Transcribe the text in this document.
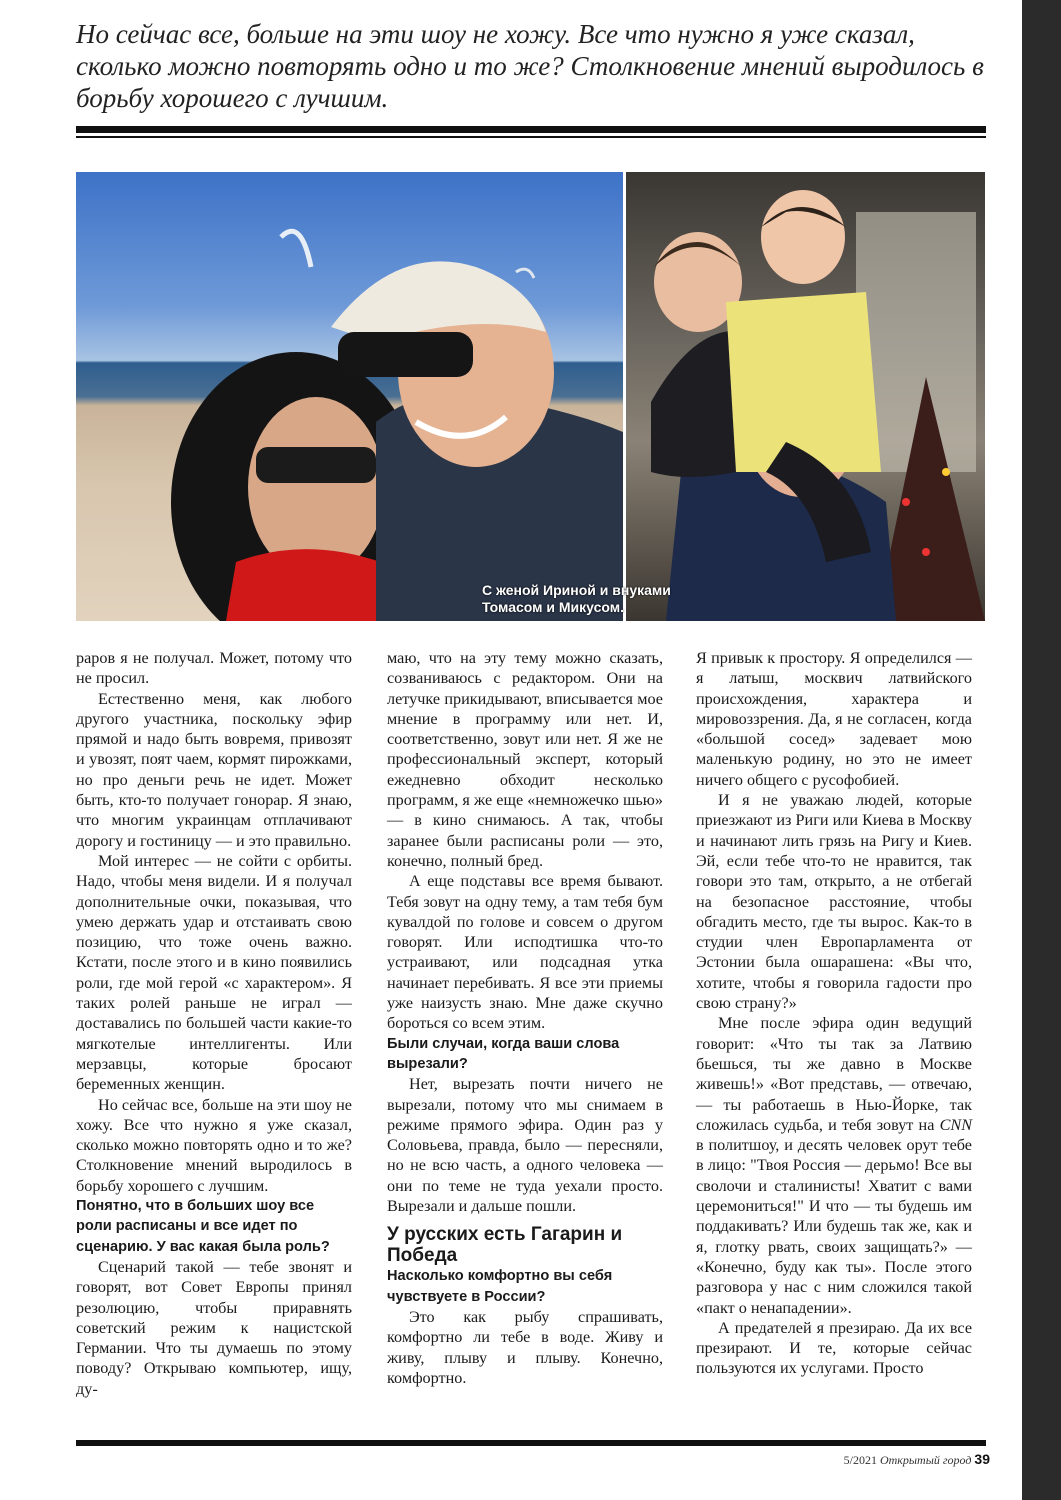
Но сейчас все, больше на эти шоу не хожу. Все что нужно я уже сказал, сколько можно повторять одно и то же? Столкновение мнений выродилось в борьбу хорошего с лучшим.

С женой Ириной и внуками
Томасом и Микусом.

раров я не получал. Может, потому что не просил.

Естественно меня, как любого другого участника, поскольку эфир прямой и надо быть вовремя, привозят и увозят, поят чаем, кормят пирожками, но про деньги речь не идет. Может быть, кто-то получает гонорар. Я знаю, что многим украинцам отплачивают дорогу и гостиницу — и это правильно.

Мой интерес — не сойти с орбиты. Надо, чтобы меня видели. И я получал дополнительные очки, показывая, что умею держать удар и отстаивать свою позицию, что тоже очень важно. Кстати, после этого и в кино появились роли, где мой герой «с характером». Я таких ролей раньше не играл — доставались по большей части какие-то мягкотелые интеллигенты. Или мерзавцы, которые бросают беременных женщин.

Но сейчас все, больше на эти шоу не хожу. Все что нужно я уже сказал, сколько можно повторять одно и то же? Столкновение мнений выродилось в борьбу хорошего с лучшим.

Понятно, что в больших шоу все роли расписаны и все идет по сценарию. У вас какая была роль?

Сценарий такой — тебе звонят и говорят, вот Совет Европы принял резолюцию, чтобы приравнять советский режим к нацистской Германии. Что ты думаешь по этому поводу? Открываю компьютер, ищу, ду-

маю, что на эту тему можно сказать, созваниваюсь с редактором. Они на летучке прикидывают, вписывается мое мнение в программу или нет. И, соответственно, зовут или нет. Я же не профессиональный эксперт, который ежедневно обходит несколько программ, я же еще «немножечко шью» — в кино снимаюсь. А так, чтобы заранее были расписаны роли — это, конечно, полный бред.

А еще подставы все время бывают. Тебя зовут на одну тему, а там тебя бум кувалдой по голове и совсем о другом говорят. Или исподтишка что-то устраивают, или подсадная утка начинает перебивать. Я все эти приемы уже наизусть знаю. Мне даже скучно бороться со всем этим.

Были случаи, когда ваши слова вырезали?

Нет, вырезать почти ничего не вырезали, потому что мы снимаем в режиме прямого эфира. Один раз у Соловьева, правда, было — пересняли, но не всю часть, а одного человека — они по теме не туда уехали просто. Вырезали и дальше пошли.

У русских есть Гагарин и Победа

Насколько комфортно вы себя чувствуете в России?

Это как рыбу спрашивать, комфортно ли тебе в воде. Живу и живу, плыву и плыву. Конечно, комфортно.

Я привык к простору. Я определился — я латыш, москвич латвийского происхождения, характера и мировоззрения. Да, я не согласен, когда «большой сосед» задевает мою маленькую родину, но это не имеет ничего общего с русофобией.

И я не уважаю людей, которые приезжают из Риги или Киева в Москву и начинают лить грязь на Ригу и Киев. Эй, если тебе что-то не нравится, так говори это там, открыто, а не отбегай на безопасное расстояние, чтобы обгадить место, где ты вырос. Как-то в студии член Европарламента от Эстонии была ошарашена: «Вы что, хотите, чтобы я говорила гадости про свою страну?»

Мне после эфира один ведущий говорит: «Что ты так за Латвию бьешься, ты же давно в Москве живешь!» «Вот представь, — отвечаю, — ты работаешь в Нью-Йорке, так сложилась судьба, и тебя зовут на CNN в политшоу, и десять человек орут тебе в лицо: "Твоя Россия — дерьмо! Все вы сволочи и сталинисты! Хватит с вами церемониться!" И что — ты будешь им поддакивать? Или будешь так же, как и я, глотку рвать, своих защищать?» — «Конечно, буду как ты». После этого разговора у нас с ним сложился такой «пакт о ненападении».

А предателей я презираю. Да их все презирают. И те, которые сейчас пользуются их услугами. Просто

5/2021 Открытый город 39
